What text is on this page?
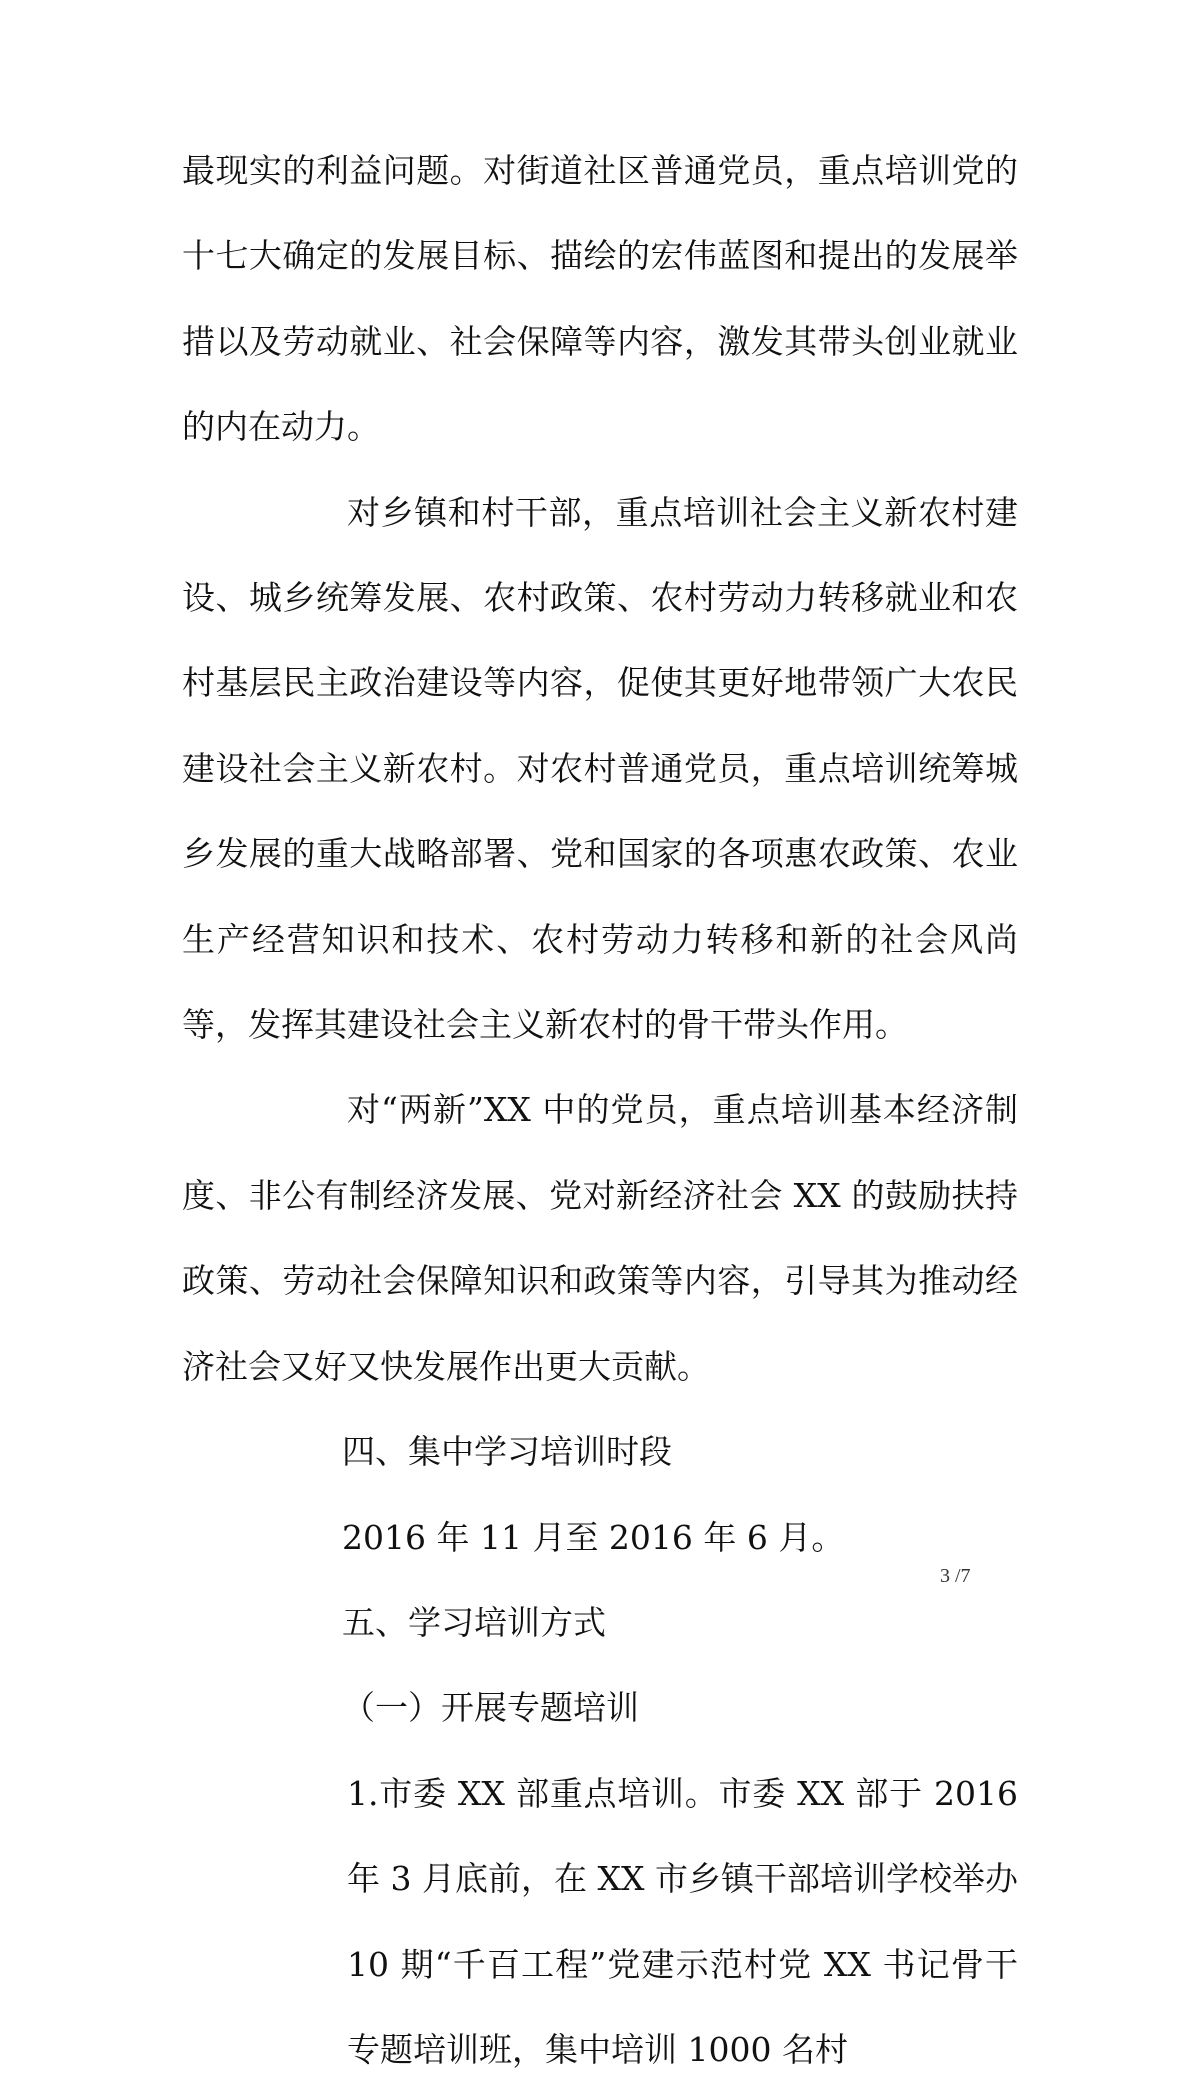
最现实的利益问题。对街道社区普通党员，重点培训党的十七大确定的发展目标、描绘的宏伟蓝图和提出的发展举措以及劳动就业、社会保障等内容，激发其带头创业就业的内在动力。

对乡镇和村干部，重点培训社会主义新农村建设、城乡统筹发展、农村政策、农村劳动力转移就业和农村基层民主政治建设等内容，促使其更好地带领广大农民建设社会主义新农村。对农村普通党员，重点培训统筹城乡发展的重大战略部署、党和国家的各项惠农政策、农业生产经营知识和技术、农村劳动力转移和新的社会风尚等，发挥其建设社会主义新农村的骨干带头作用。

对“两新”XX 中的党员，重点培训基本经济制度、非公有制经济发展、党对新经济社会 XX 的鼓励扶持政策、劳动社会保障知识和政策等内容，引导其为推动经济社会又好又快发展作出更大贡献。

四、集中学习培训时段

2016 年 11 月至 2016 年 6 月。

五、学习培训方式

（一）开展专题培训

1.市委 XX 部重点培训。市委 XX 部于 2016 年 3 月底前，在 XX 市乡镇干部培训学校举办 10 期“千百工程”党建示范村党 XX 书记骨干专题培训班，集中培训 1000 名村

3 /7
